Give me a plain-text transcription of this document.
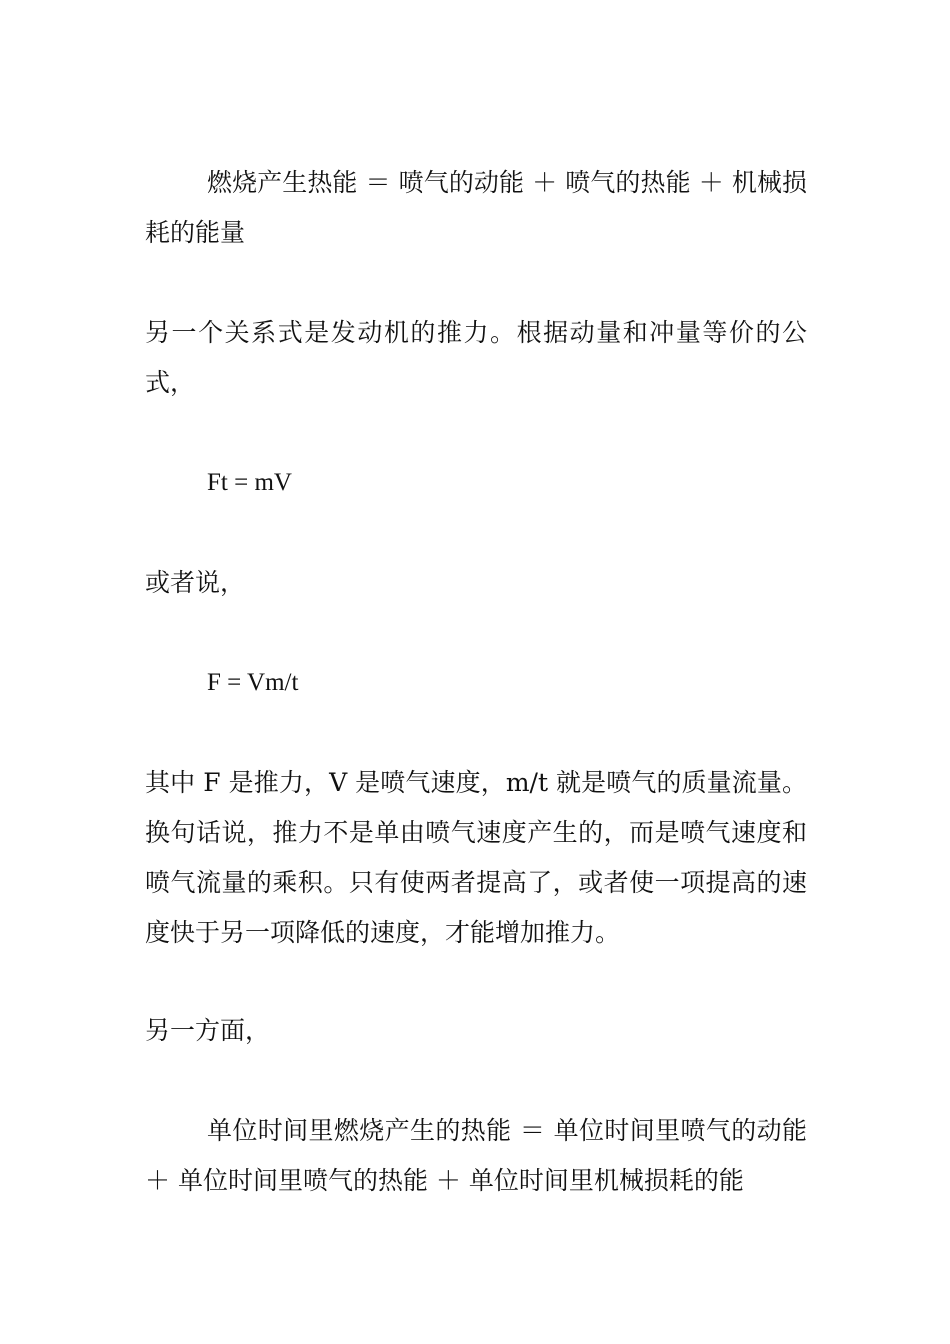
燃烧产生热能 ＝ 喷气的动能 ＋ 喷气的热能 ＋ 机械损耗的能量

另一个关系式是发动机的推力。根据动量和冲量等价的公式，

Ft = mV

或者说，

F = Vm/t

其中 F 是推力，V 是喷气速度，m/t 就是喷气的质量流量。换句话说，推力不是单由喷气速度产生的，而是喷气速度和喷气流量的乘积。只有使两者提高了，或者使一项提高的速度快于另一项降低的速度，才能增加推力。

另一方面，

单位时间里燃烧产生的热能 ＝ 单位时间里喷气的动能 ＋ 单位时间里喷气的热能 ＋ 单位时间里机械损耗的能
